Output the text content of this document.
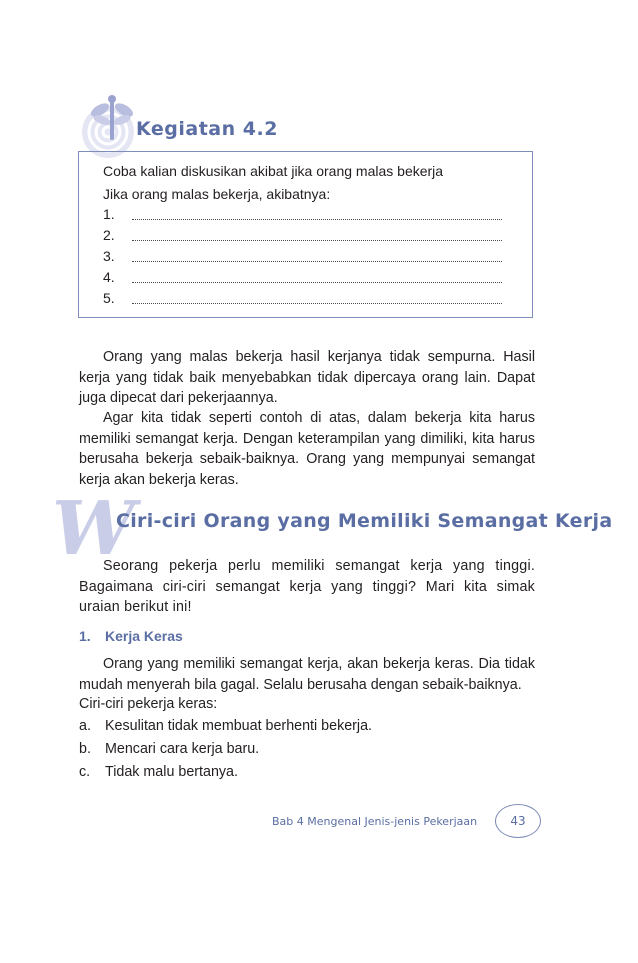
Kegiatan 4.2
Coba kalian diskusikan akibat jika orang malas bekerja
Jika orang malas bekerja, akibatnya:
1.
2.
3.
4.
5.

Orang yang malas bekerja hasil kerjanya tidak sempurna. Hasil kerja yang tidak baik menyebabkan tidak dipercaya orang lain. Dapat juga dipecat dari pekerjaannya.

Agar kita tidak seperti contoh di atas, dalam bekerja kita harus memiliki semangat kerja. Dengan keterampilan yang dimiliki, kita harus berusaha bekerja sebaik-baiknya. Orang yang mempunyai semangat kerja akan bekerja keras.

W
Ciri-ciri Orang yang Memiliki Semangat Kerja

Seorang pekerja perlu memiliki semangat kerja yang tinggi. Bagaimana ciri-ciri semangat kerja yang tinggi? Mari kita simak uraian berikut ini!

1. Kerja Keras

Orang yang memiliki semangat kerja, akan bekerja keras. Dia tidak mudah menyerah bila gagal. Selalu berusaha dengan sebaik-baiknya.

Ciri-ciri pekerja keras:
a. Kesulitan tidak membuat berhenti bekerja.
b. Mencari cara kerja baru.
c. Tidak malu bertanya.
Bab 4 Mengenal Jenis-jenis Pekerjaan	43
